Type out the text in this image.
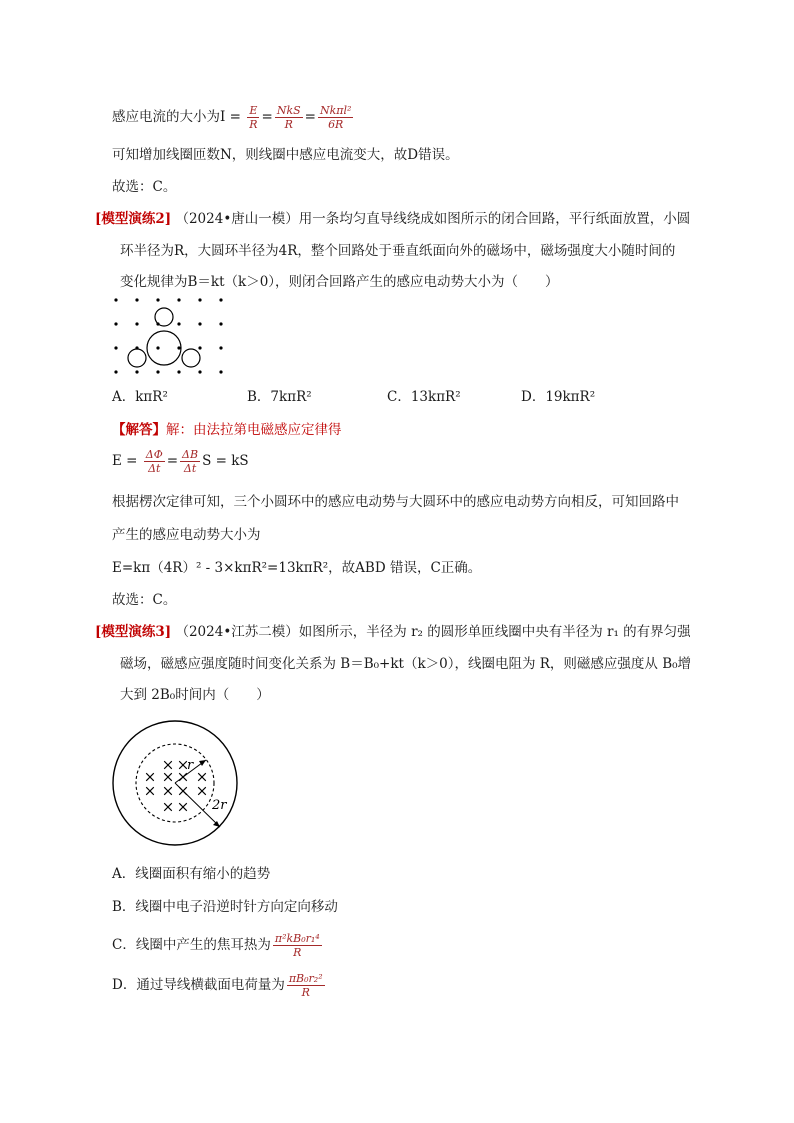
感应电流的大小为$I = \frac{E}{R} = \frac{\text{NkS}}{R} = \frac{\text{Nkπl²}}{6R}$
可知增加线圈匝数N，则线圈中感应电流变大，故D错误。
故选：C。
[模型演练2] （2024•唐山一模）用一条均匀直导线绕成如图所示的闭合回路，平行纸面放置，小圆
环半径为R，大圆环半径为4R，整个回路处于垂直纸面向外的磁场中，磁场强度大小随时间的
变化规律为B＝kt（k＞0），则闭合回路产生的感应电动势大小为（　　）
A．kπR²	B．7kπR²	C．13kπR²	D．19kπR²
【解答】解：由法拉第电磁感应定律得
$E = \frac{\Delta\Phi}{\Delta t} = \frac{\Delta B}{\Delta t}$ S = kS
根据楞次定律可知，三个小圆环中的感应电动势与大圆环中的感应电动势方向相反，可知回路中
产生的感应电动势大小为
E=kπ（4R）² - 3×kπR²=13kπR²，故ABD 错误，C正确。
故选：C。
[模型演练3] （2024•江苏二模）如图所示，半径为 r₂ 的圆形单匝线圈中央有半径为 r₁ 的有界匀强
磁场，磁感应强度随时间变化关系为 B＝B₀+kt（k＞0），线圈电阻为 R，则磁感应强度从 B₀增
大到 2B₀时间内（　　）
r
2r
A．线圈面积有缩小的趋势
B．线圈中电子沿逆时针方向定向移动
C．线圈中产生的焦耳热为 $\frac{\text{π²kB₀r₁⁴}}{R}$
D．通过导线横截面电荷量为 $\frac{\text{πB₀r₂²}}{R}$
